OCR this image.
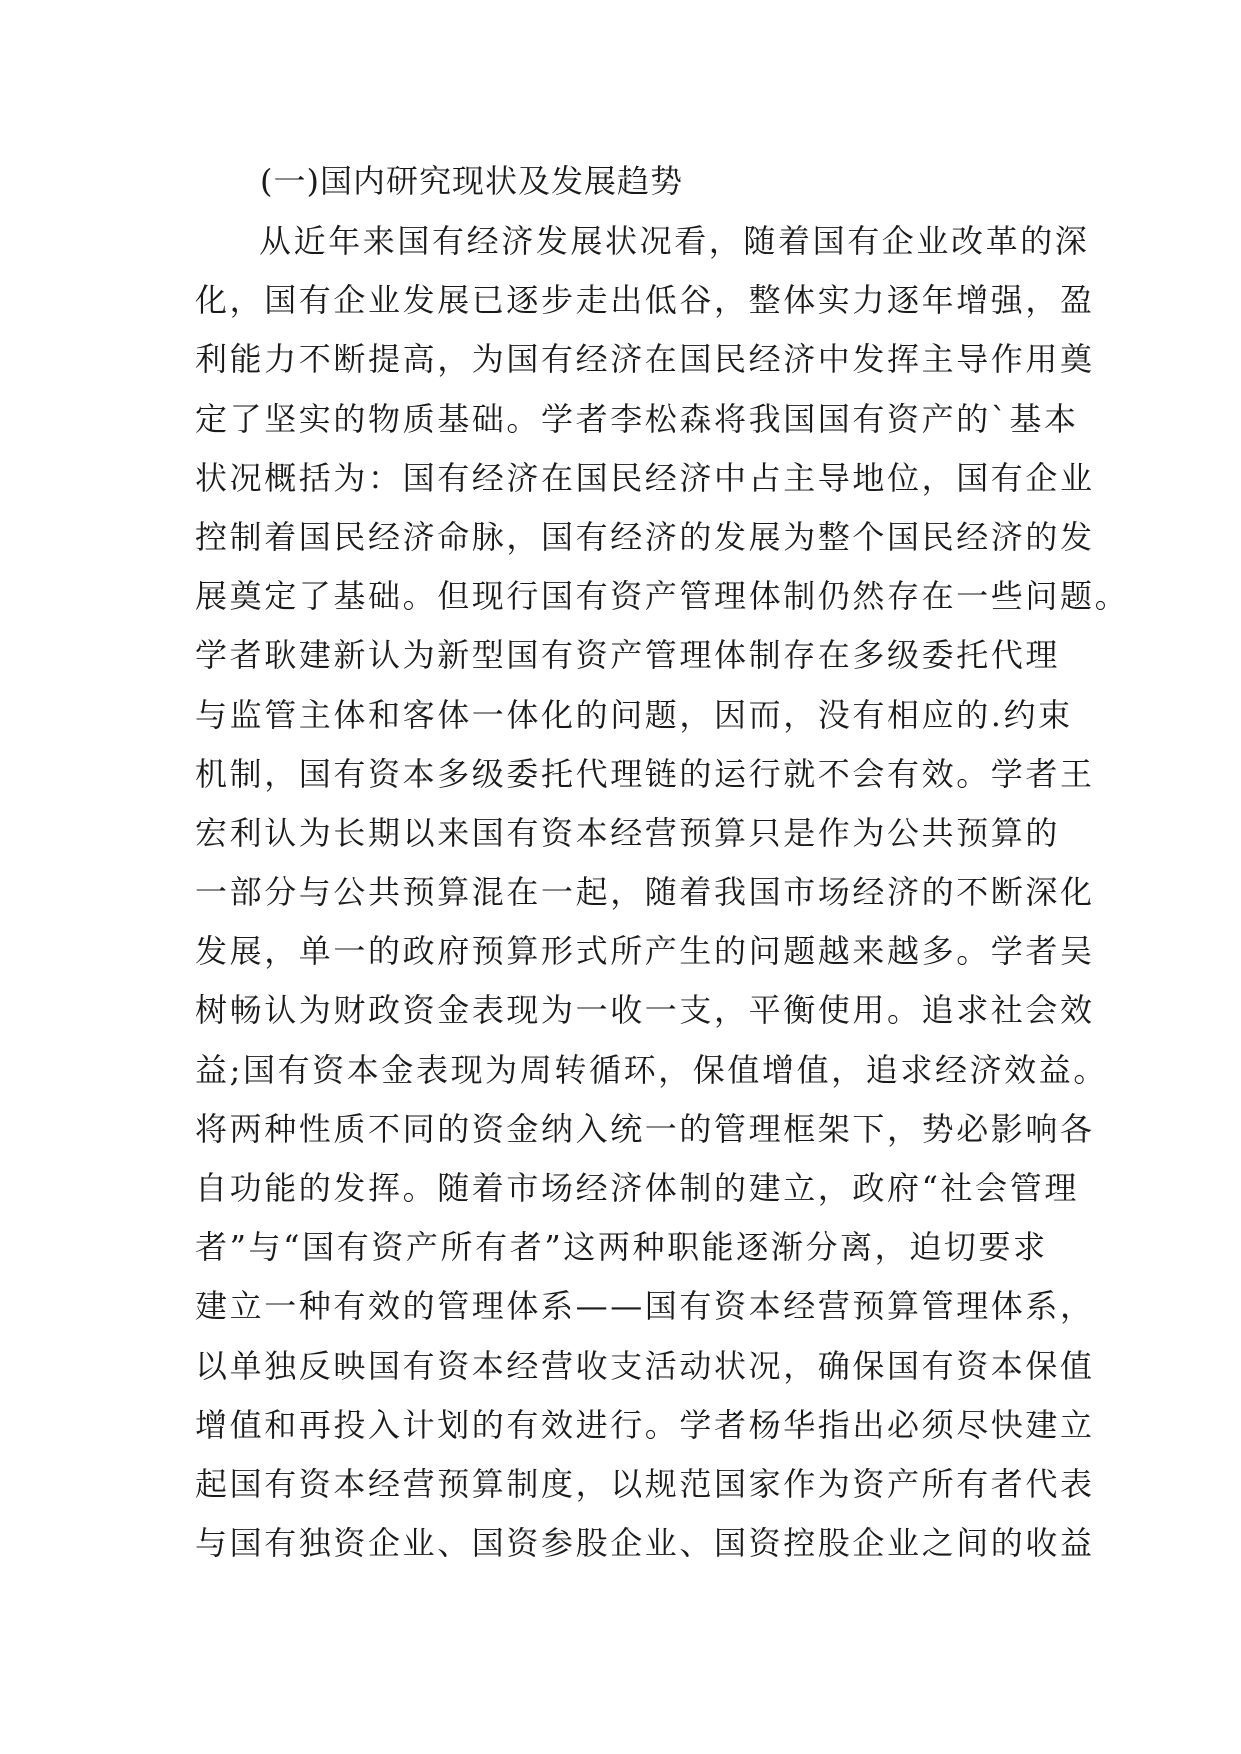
(一)国内研究现状及发展趋势
从近年来国有经济发展状况看，随着国有企业改革的深
化，国有企业发展已逐步走出低谷，整体实力逐年增强，盈
利能力不断提高，为国有经济在国民经济中发挥主导作用奠
定了坚实的物质基础。学者李松森将我国国有资产的`基本
状况概括为：国有经济在国民经济中占主导地位，国有企业
控制着国民经济命脉，国有经济的发展为整个国民经济的发
展奠定了基础。但现行国有资产管理体制仍然存在一些问题。
学者耿建新认为新型国有资产管理体制存在多级委托代理
与监管主体和客体一体化的问题，因而，没有相应的.约束
机制，国有资本多级委托代理链的运行就不会有效。学者王
宏利认为长期以来国有资本经营预算只是作为公共预算的
一部分与公共预算混在一起，随着我国市场经济的不断深化
发展，单一的政府预算形式所产生的问题越来越多。学者吴
树畅认为财政资金表现为一收一支，平衡使用。追求社会效
益;国有资本金表现为周转循环，保值增值，追求经济效益。
将两种性质不同的资金纳入统一的管理框架下，势必影响各
自功能的发挥。随着市场经济体制的建立，政府“社会管理
者”与“国有资产所有者”这两种职能逐渐分离，迫切要求
建立一种有效的管理体系——国有资本经营预算管理体系，
以单独反映国有资本经营收支活动状况，确保国有资本保值
增值和再投入计划的有效进行。学者杨华指出必须尽快建立
起国有资本经营预算制度，以规范国家作为资产所有者代表
与国有独资企业、国资参股企业、国资控股企业之间的收益
